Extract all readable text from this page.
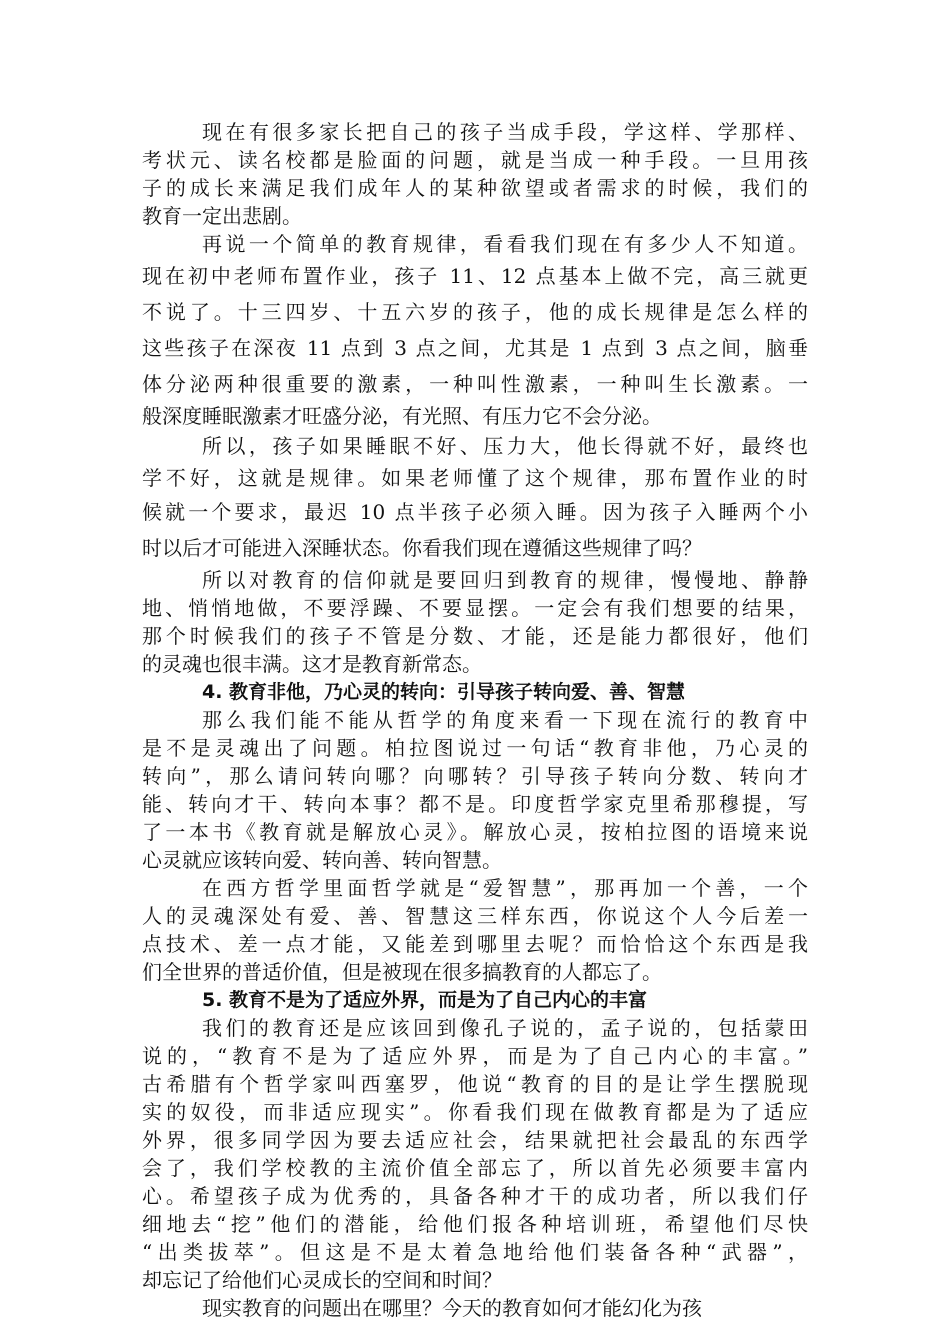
现在有很多家长把自己的孩子当成手段，学这样、学那样、
考状元、读名校都是脸面的问题，就是当成一种手段。一旦用孩
子的成长来满足我们成年人的某种欲望或者需求的时候，我们的
教育一定出悲剧。
再说一个简单的教育规律，看看我们现在有多少人不知道。
现在初中老师布置作业，孩子 11、12 点基本上做不完，高三就更
不说了。十三四岁、十五六岁的孩子，他的成长规律是怎么样的
这些孩子在深夜 11 点到 3 点之间，尤其是 1 点到 3 点之间，脑垂
体分泌两种很重要的激素，一种叫性激素，一种叫生长激素。一
般深度睡眠激素才旺盛分泌，有光照、有压力它不会分泌。
所以，孩子如果睡眠不好、压力大，他长得就不好，最终也
学不好，这就是规律。如果老师懂了这个规律，那布置作业的时
候就一个要求，最迟 10 点半孩子必须入睡。因为孩子入睡两个小
时以后才可能进入深睡状态。你看我们现在遵循这些规律了吗？
所以对教育的信仰就是要回归到教育的规律，慢慢地、静静
地、悄悄地做，不要浮躁、不要显摆。一定会有我们想要的结果，
那个时候我们的孩子不管是分数、才能，还是能力都很好，他们
的灵魂也很丰满。这才是教育新常态。
4. 教育非他，乃心灵的转向：引导孩子转向爱、善、智慧
那么我们能不能从哲学的角度来看一下现在流行的教育中
是不是灵魂出了问题。柏拉图说过一句话“教育非他，乃心灵的
转向”，那么请问转向哪？向哪转？引导孩子转向分数、转向才
能、转向才干、转向本事？都不是。印度哲学家克里希那穆提，写
了一本书《教育就是解放心灵》。解放心灵，按柏拉图的语境来说
心灵就应该转向爱、转向善、转向智慧。
在西方哲学里面哲学就是“爱智慧”，那再加一个善，一个
人的灵魂深处有爱、善、智慧这三样东西，你说这个人今后差一
点技术、差一点才能，又能差到哪里去呢？而恰恰这个东西是我
们全世界的普适价值，但是被现在很多搞教育的人都忘了。
5. 教育不是为了适应外界，而是为了自己内心的丰富
我们的教育还是应该回到像孔子说的，孟子说的，包括蒙田
说的，“教育不是为了适应外界，而是为了自己内心的丰富。”
古希腊有个哲学家叫西塞罗，他说“教育的目的是让学生摆脱现
实的奴役，而非适应现实”。你看我们现在做教育都是为了适应
外界，很多同学因为要去适应社会，结果就把社会最乱的东西学
会了，我们学校教的主流价值全部忘了，所以首先必须要丰富内
心。希望孩子成为优秀的，具备各种才干的成功者，所以我们仔
细地去“挖”他们的潜能，给他们报各种培训班，希望他们尽快
“出类拔萃”。但这是不是太着急地给他们装备各种“武器”，
却忘记了给他们心灵成长的空间和时间？
现实教育的问题出在哪里？今天的教育如何才能幻化为孩
